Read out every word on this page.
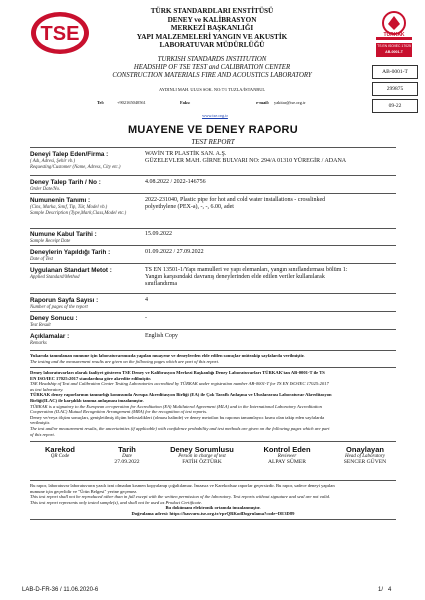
TSE
TÜRK STANDARDLARI ENSTİTÜSÜ
DENEY ve KALİBRASYON
MERKEZİ BAŞKANLIĞI
YAPI MALZEMELERİ YANGIN VE AKUSTİK
LABORATUVAR MÜDÜRLÜĞÜ
TURKISH STANDARDS INSTITUTION
HEADSHIP OF TSE TEST and CALIBRATION CENTER
CONSTRUCTION MATERIALS FIRE AND ACOUSTICS LABORATORY
AYDINLI MAH. ULUS SOK. NO:7/1 TUZLA/İSTANBUL
Tel:	+902165040561	Faks:	e-mail: yakitar@tse.org.tr
www.tse.org.tr
TÜRKAK
TS EN ISO/IEC 17025
AB-0001-T
AB-0001-T
299875
09-22
MUAYENE VE DENEY RAPORU
TEST REPORT
Deneyi Talep Eden/Firma :
( Adı, Adresi, Şehir vb.)
Requesting/Customer (Name, Adress, City etc.)
WAVİN TR PLASTİK SAN. A.Ş.
GÜZELEVLER MAH. GİRNE BULVARI NO: 294/A 01310 YÜREGİR / ADANA
Deney Talep Tarih / No :
Order Date/No.
4.08.2022 / 2022-146756
Numunenin Tanımı :
(Cins, Marka, Sınıf, Tip, Tür, Model vb.)
Sample Description (Type,Mark,Class,Model etc.)
2022-231040, Plastic pipe for hot and cold water installations - crosslinked
polyethylene (PEX-a), -, -, 6.00, adet
Numune Kabul Tarihi :
Sample Receipt Date
15.09.2022
Deneylerin Yapıldığı Tarih :
Date of Test
01.09.2022 / 27.09.2022
Uygulanan Standart Metot :
Applied Standard/Method
TS EN 13501-1/Yapı mamulleri ve yapı elemanları, yangın sınıflandırması bölüm 1:
Yangın karşısındaki davranış deneylerinden elde edilen veriler kullanılarak
sınıflandırma
Raporun Sayfa Sayısı :
Number of pages of the report
4
Deney Sonucu :
Test Result
-
Açıklamalar :
Remarks
English Copy
Yukarıda tanımlanan numune için laboratuvarımızda yapılan muayene ve deneylerden elde edilen sonuçlar müteakip sayfalarda verilmiştir.
The testing and the measurement results are given on the following pages which are part of this report.
Deney laboratuvarları olarak faaliyet gösteren TSE Deney ve Kalibrasyon Merkezi Başkanlığı Deney Laboratuvarları TÜRKAK'tan AB-0001-T ile TS
EN ISO/IEC 17025:2017 standardına göre akredite edilmiştir.
TSE Headship of Test and Calibration Center Testing Laboratories accredited by TÜRKAK under registration number AB-0001-T for TS EN ISO/IEC 17025:2017
as test laboratory.
TÜRKAK deney raporlarının tanınırlığı konusunda Avrupa Akreditasyon Birliği (EA) ile Çok Taraflı Anlaşma ve Uluslararası Laboratuvar Akreditasyon
Birliği(ILAC) ile karşılıklı tanıma anlaşması imzalamıştır.
TÜRKAK is a signatory to the European co-operation for Accreditation (EA) Multilateral Agreement (MLA) and to the International Laboratory Accreditation
Cooperation (ILAC) Mutual Recognition Arrangement (MRA) for the recognition of test reports.
Deney ve/veya ölçüm sonuçları, genişletilmiş ölçüm belirsizlikleri (olması halinde) ve deney metotları bu raporun tamamlayıcı kısmı olan takip eden sayfalarda
verilmiştir.
The test and/or measurement results, the uncertainties (if applicable) with confidence probability and test methods are given on the following pages which are part
of this report.
Karekod
QR Code
Tarih
Date
27.09.2022
Deney Sorumlusu
Person in charge of test
FATİH ÖZTÜRK
Kontrol Eden
Reviewer
ALPAY SÜMER
Onaylayan
Head of Laboratory
SENCER GÜVEN
Bu rapor, laboratuvar laboratuvarın yazılı izni olmadan kısmen kopyalanıp çoğaltılamaz. İmzasız ve Karekodsuz raporlar geçersizdir. Bu rapor, sadece deneyi yapılan
numune için geçerlidir ve "Ürün Belgesi" yerine geçemez.
This test report shall not be reproduced other than in full except with the written permission of the laboratory. Test reports without signature and seal are not valid.
This test report represents only tested sample(s), and shall not be used as Product Certificate.
Bu dokümanı elektronik ortamda imzalanmıştır.
Doğrulama adresi: https://basvuru.tse.org.tr/rprQRKodDogrulama?code=DE3D89
LAB-D-FR-36 / 11.06.2020-6	1/   4
